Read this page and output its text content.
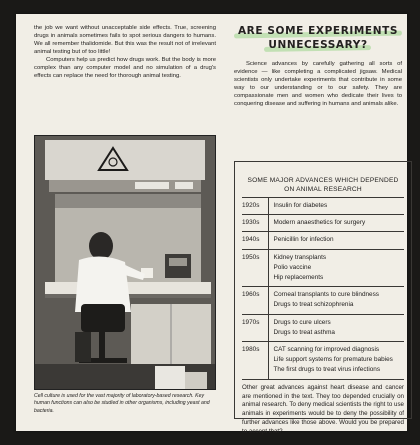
the job we want without unacceptable side effects. True, screening drugs in animals sometimes fails to spot serious dangers to humans. We all remember thalidomide. But this was the result not of irrelevant animal testing but of too little!

Computers help us predict how drugs work. But the body is more complex than any computer model and no simulation of a drug's effects can replace the need for thorough animal testing.

Cell culture is used for the vast majority of laboratory-based research. Key human functions can also be studied in other organisms, including yeast and bacteria.

ARE SOME EXPERIMENTS
UNNECESSARY?

Science advances by carefully gathering all sorts of evidence — like completing a complicated jigsaw. Medical scientists only undertake experiments that contribute in some way to our understanding or to our safety. They are compassionate men and women who dedicate their lives to conquering disease and suffering in humans and animals alike.

SOME MAJOR ADVANCES WHICH DEPENDED
ON ANIMAL RESEARCH
1920s	Insulin for diabetes

1930s	Modern anaesthetics for surgery

1940s	Penicillin for infection

1950s	Kidney transplants
Polio vaccine
Hip replacements

1960s	Corneal transplants to cure blindness
Drugs to treat schizophrenia

1970s	Drugs to cure ulcers
Drugs to treat asthma

1980s	CAT scanning for improved diagnosis
Life support systems for premature babies
The first drugs to treat virus infections

Other great advances against heart disease and cancer are mentioned in the text. They too depended crucially on animal research. To deny medical scientists the right to use animals in experiments would be to deny the possibility of further advances like those above. Would you be prepared to accept that?
